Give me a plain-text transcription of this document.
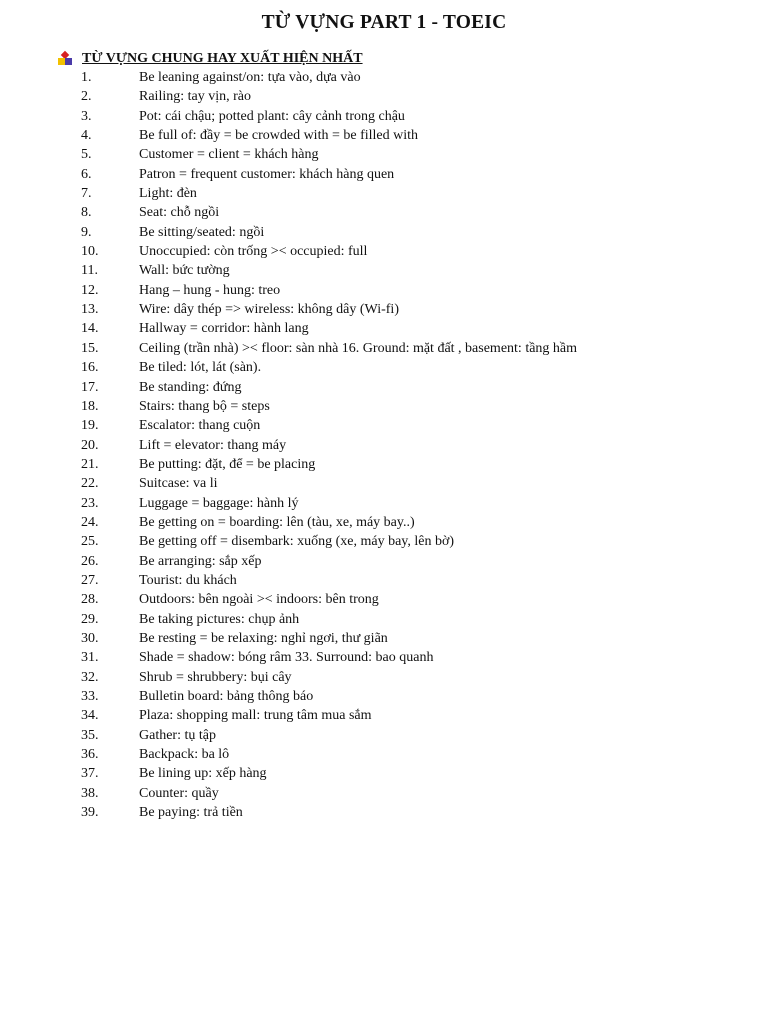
TỪ VỰNG PART 1 - TOEIC
TỪ VỰNG CHUNG HAY XUẤT HIỆN NHẤT
1.	Be leaning against/on: tựa vào, dựa vào
2.	Railing: tay vịn, rào
3.	Pot: cái chậu; potted plant: cây cảnh trong chậu
4.	Be full of: đầy = be crowded with = be filled with
5.	Customer = client = khách hàng
6.	Patron = frequent customer: khách hàng quen
7.	Light: đèn
8.	Seat: chỗ ngồi
9.	Be sitting/seated: ngồi
10.	Unoccupied: còn trống >< occupied: full
11.	Wall: bức tường
12.	Hang – hung - hung: treo
13.	Wire: dây thép => wireless: không dây (Wi-fi)
14.	Hallway = corridor: hành lang
15.	Ceiling (trần nhà) >< floor: sàn nhà 16. Ground: mặt đất , basement: tầng hầm
16.	Be tiled: lót, lát (sàn).
17.	Be standing: đứng
18.	Stairs: thang bộ = steps
19.	Escalator: thang cuộn
20.	Lift = elevator: thang máy
21.	Be putting: đặt, để = be placing
22.	Suitcase: va li
23.	Luggage = baggage: hành lý
24.	Be getting on = boarding: lên (tàu, xe, máy bay..)
25.	Be getting off = disembark: xuống (xe, máy bay, lên bờ)
26.	Be arranging: sắp xếp
27.	Tourist: du khách
28.	Outdoors: bên ngoài >< indoors: bên trong
29.	Be taking pictures: chụp ảnh
30.	Be resting = be relaxing: nghỉ ngơi, thư giãn
31.	Shade = shadow: bóng râm 33. Surround: bao quanh
32.	Shrub = shrubbery: bụi cây
33.	Bulletin board: bảng thông báo
34.	Plaza: shopping mall: trung tâm mua sắm
35.	Gather: tụ tập
36.	Backpack: ba lô
37.	Be lining up: xếp hàng
38.	Counter: quầy
39.	Be paying: trả tiền
